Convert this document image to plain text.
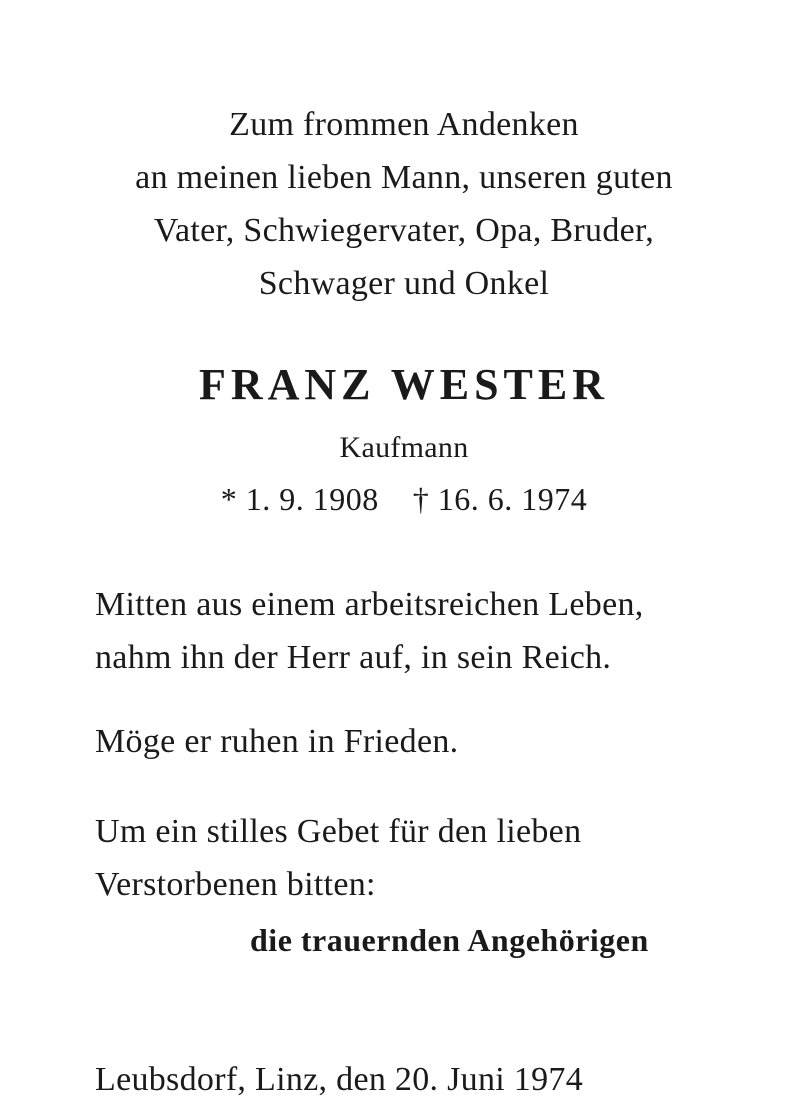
Zum frommen Andenken
an meinen lieben Mann, unseren guten
Vater, Schwiegervater, Opa, Bruder,
Schwager und Onkel
FRANZ WESTER
Kaufmann
* 1. 9. 1908 † 16. 6. 1974
Mitten aus einem arbeitsreichen Leben,
nahm ihn der Herr auf, in sein Reich.
Möge er ruhen in Frieden.
Um ein stilles Gebet für den lieben
Verstorbenen bitten:
die trauernden Angehörigen
Leubsdorf, Linz, den 20. Juni 1974
